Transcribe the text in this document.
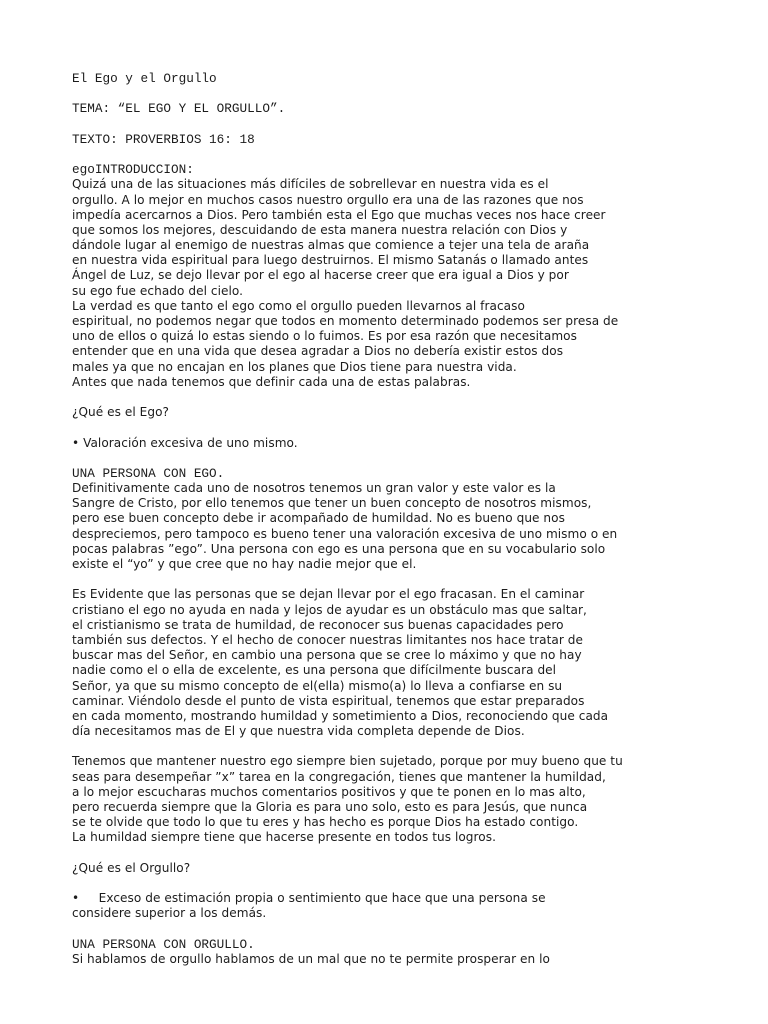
El Ego y el Orgullo
TEMA: “EL EGO Y EL ORGULLO”.
TEXTO: PROVERBIOS 16: 18
egoINTRODUCCION:
Quizá una de las situaciones más difíciles de sobrellevar en nuestra vida es el
orgullo. A lo mejor en muchos casos nuestro orgullo era una de las razones que nos
impedía acercarnos a Dios. Pero también esta el Ego que muchas veces nos hace creer
que somos los mejores, descuidando de esta manera nuestra relación con Dios y
dándole lugar al enemigo de nuestras almas que comience a tejer una tela de araña
en nuestra vida espiritual para luego destruirnos. El mismo Satanás o llamado antes
Ángel de Luz, se dejo llevar por el ego al hacerse creer que era igual a Dios y por
su ego fue echado del cielo.
La verdad es que tanto el ego como el orgullo pueden llevarnos al fracaso
espiritual, no podemos negar que todos en momento determinado podemos ser presa de
uno de ellos o quizá lo estas siendo o lo fuimos. Es por esa razón que necesitamos
entender que en una vida que desea agradar a Dios no debería existir estos dos
males ya que no encajan en los planes que Dios tiene para nuestra vida.
Antes que nada tenemos que definir cada una de estas palabras.
¿Qué es el Ego?
• Valoración excesiva de uno mismo.
UNA PERSONA CON EGO.
Definitivamente cada uno de nosotros tenemos un gran valor y este valor es la
Sangre de Cristo, por ello tenemos que tener un buen concepto de nosotros mismos,
pero ese buen concepto debe ir acompañado de humildad. No es bueno que nos
despreciemos, pero tampoco es bueno tener una valoración excesiva de uno mismo o en
pocas palabras ”ego”. Una persona con ego es una persona que en su vocabulario solo
existe el “yo” y que cree que no hay nadie mejor que el.
Es Evidente que las personas que se dejan llevar por el ego fracasan. En el caminar
cristiano el ego no ayuda en nada y lejos de ayudar es un obstáculo mas que saltar,
el cristianismo se trata de humildad, de reconocer sus buenas capacidades pero
también sus defectos. Y el hecho de conocer nuestras limitantes nos hace tratar de
buscar mas del Señor, en cambio una persona que se cree lo máximo y que no hay
nadie como el o ella de excelente, es una persona que difícilmente buscara del
Señor, ya que su mismo concepto de el(ella) mismo(a) lo lleva a confiarse en su
caminar. Viéndolo desde el punto de vista espiritual, tenemos que estar preparados
en cada momento, mostrando humildad y sometimiento a Dios, reconociendo que cada
día necesitamos mas de El y que nuestra vida completa depende de Dios.
Tenemos que mantener nuestro ego siempre bien sujetado, porque por muy bueno que tu
seas para desempeñar ”x” tarea en la congregación, tienes que mantener la humildad,
a lo mejor escucharas muchos comentarios positivos y que te ponen en lo mas alto,
pero recuerda siempre que la Gloria es para uno solo, esto es para Jesús, que nunca
se te olvide que todo lo que tu eres y has hecho es porque Dios ha estado contigo.
La humildad siempre tiene que hacerse presente en todos tus logros.
¿Qué es el Orgullo?
•     Exceso de estimación propia o sentimiento que hace que una persona se
considere superior a los demás.
UNA PERSONA CON ORGULLO.
Si hablamos de orgullo hablamos de un mal que no te permite prosperar en lo
